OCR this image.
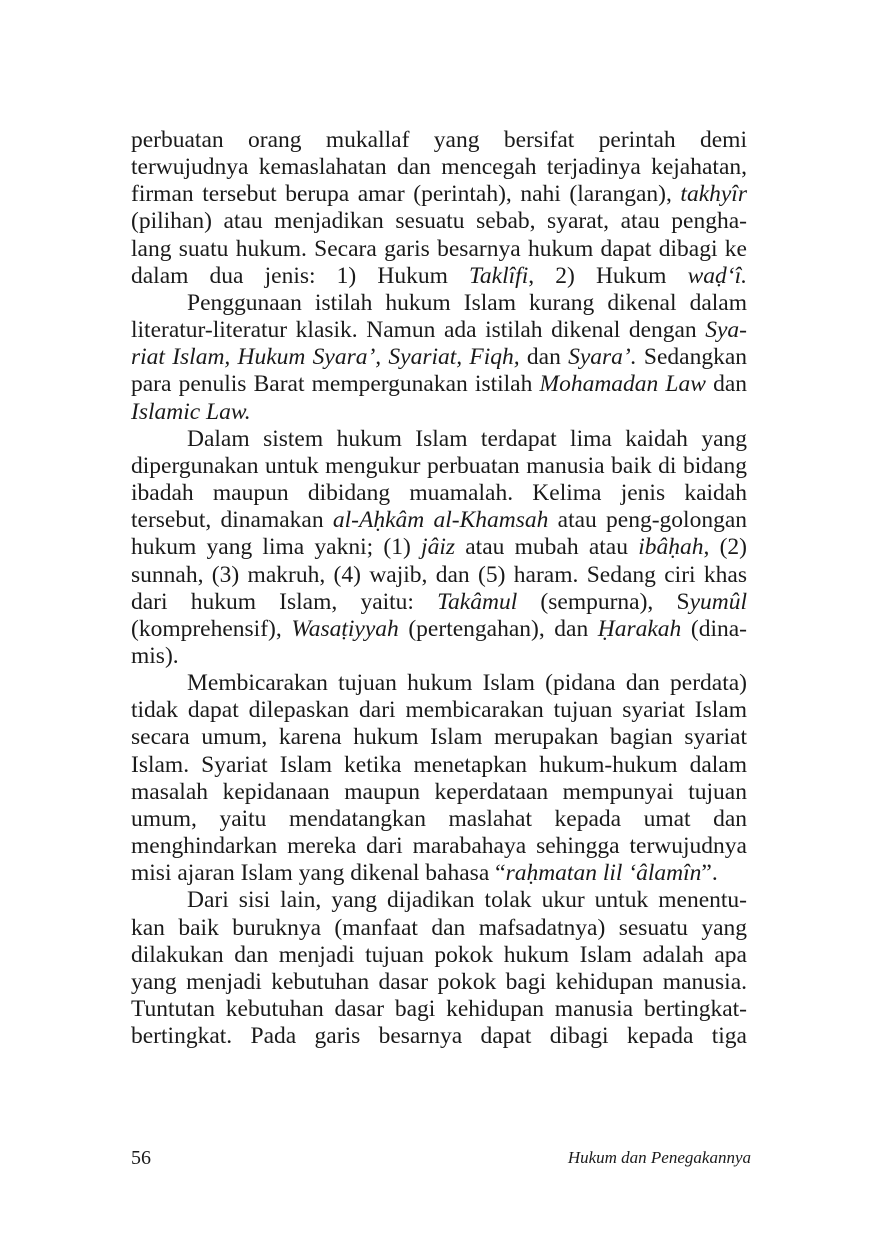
perbuatan orang mukallaf yang bersifat perintah demi terwujudnya kemaslahatan dan mencegah terjadinya kejahatan, firman tersebut berupa amar (perintah), nahi (larangan), takhyîr (pilihan) atau menjadikan sesuatu sebab, syarat, atau pengha-lang suatu hukum. Secara garis besarnya hukum dapat dibagi ke dalam dua jenis: 1) Hukum Taklîfi, 2) Hukum waḍ‘î.

Penggunaan istilah hukum Islam kurang dikenal dalam literatur-literatur klasik. Namun ada istilah dikenal dengan Sya-riat Islam, Hukum Syara’, Syariat, Fiqh, dan Syara’. Sedangkan para penulis Barat mempergunakan istilah Mohamadan Law dan Islamic Law.

Dalam sistem hukum Islam terdapat lima kaidah yang dipergunakan untuk mengukur perbuatan manusia baik di bidang ibadah maupun dibidang muamalah. Kelima jenis kaidah tersebut, dinamakan al-Aḥkâm al-Khamsah atau peng-golongan hukum yang lima yakni; (1) jâiz atau mubah atau ibâḥah, (2) sunnah, (3) makruh, (4) wajib, dan (5) haram. Sedang ciri khas dari hukum Islam, yaitu: Takâmul (sempurna), Syumûl (komprehensif), Wasaṭiyyah (pertengahan), dan Ḥarakah (dina-mis).

Membicarakan tujuan hukum Islam (pidana dan perdata) tidak dapat dilepaskan dari membicarakan tujuan syariat Islam secara umum, karena hukum Islam merupakan bagian syariat Islam. Syariat Islam ketika menetapkan hukum-hukum dalam masalah kepidanaan maupun keperdataan mempunyai tujuan umum, yaitu mendatangkan maslahat kepada umat dan menghindarkan mereka dari marabahaya sehingga terwujudnya misi ajaran Islam yang dikenal bahasa “raḥmatan lil ‘âlamîn”.

Dari sisi lain, yang dijadikan tolak ukur untuk menentu-kan baik buruknya (manfaat dan mafsadatnya) sesuatu yang dilakukan dan menjadi tujuan pokok hukum Islam adalah apa yang menjadi kebutuhan dasar pokok bagi kehidupan manusia. Tuntutan kebutuhan dasar bagi kehidupan manusia bertingkat-bertingkat. Pada garis besarnya dapat dibagi kepada tiga

56	Hukum dan Penegakannya
